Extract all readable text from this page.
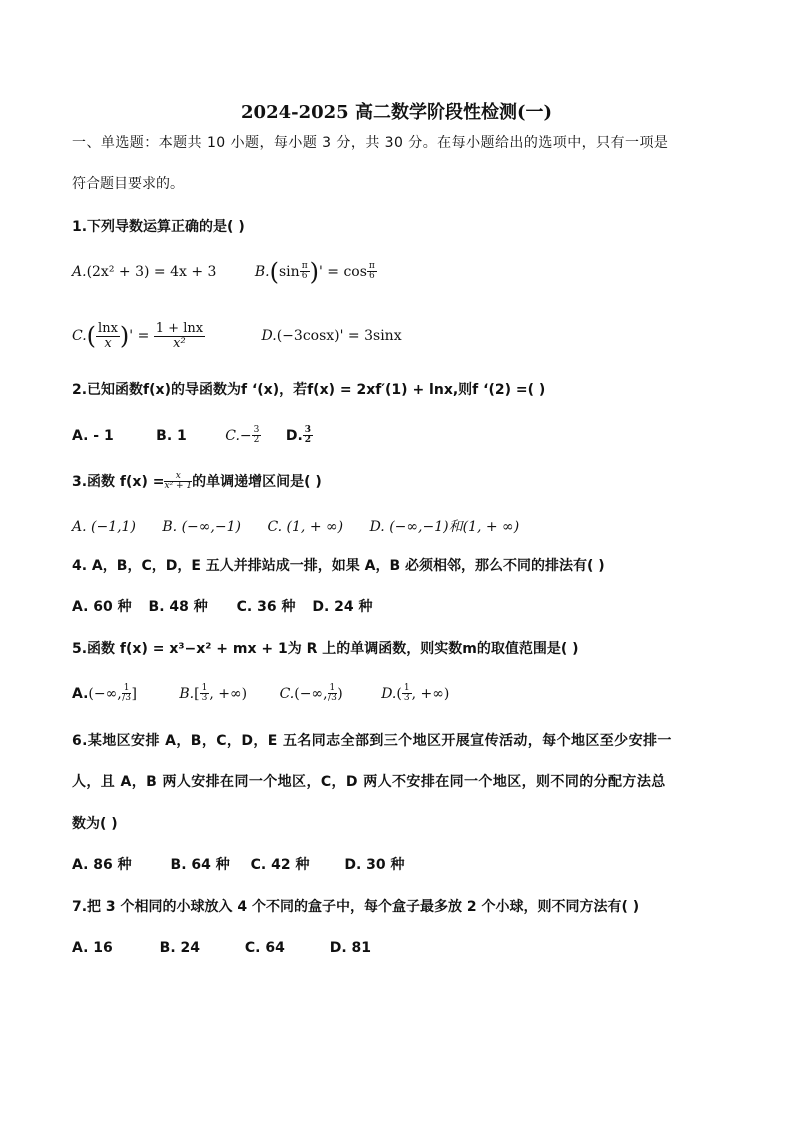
2024-2025 高二数学阶段性检测(一)
一、单选题：本题共 10 小题，每小题 3 分，共 30 分。在每小题给出的选项中，只有一项是
符合题目要求的。
1.下列导数运算正确的是( )
A.(2x² + 3) = 4x + 3	$B.(\sin \frac{\pi}{6}$ )' = $\cos \frac{\pi}{6}$
$C.( \frac{\ln x}{x}$ )' = $\frac{1 + \ln x}{\text{x²}}$	D.(−3cosx)' = 3sinx
2.已知函数f(x)的导函数为f ‘(x)，若f(x) = 2xf′(1) + lnx,则f ‘(2) =( )
A. - 1	B. 1	$C.- \frac{3}{2} D$. $\frac{3}{2}$
3.函数 $f(x) = \frac{x}{\text{x² + 1}}$ 的单调递增区间是( )
A. (−1,1) B. (−∞,−1) C. (1, + ∞) D. (−∞,−1)和(1, + ∞)
4. A，B，C，D，E 五人并排站成一排，如果 A，B 必须相邻，那么不同的排法有( )
A. 60 种 B. 48 种 C. 36 种 D. 24 种
5.函数 f(x) = x³−x² + mx + 1为 R 上的单调函数，则实数m的取值范围是( )
A.(−∞, $\frac{1}{/3}$ ]	$B.[ \frac{1}{3}$ , +∞) C.(−∞, $\frac{1}{/3}$ )	$D.( \frac{1}{3}$ , +∞)
6.某地区安排 A，B，C，D，E 五名同志全部到三个地区开展宣传活动，每个地区至少安排一
人，且 A，B 两人安排在同一个地区，C，D 两人不安排在同一个地区，则不同的分配方法总
数为( )
A. 86 种	B. 64 种 C. 42 种 D. 30 种
7.把 3 个相同的小球放入 4 个不同的盒子中，每个盒子最多放 2 个小球，则不同方法有( )
A. 16	B. 24	C. 64	D. 81
